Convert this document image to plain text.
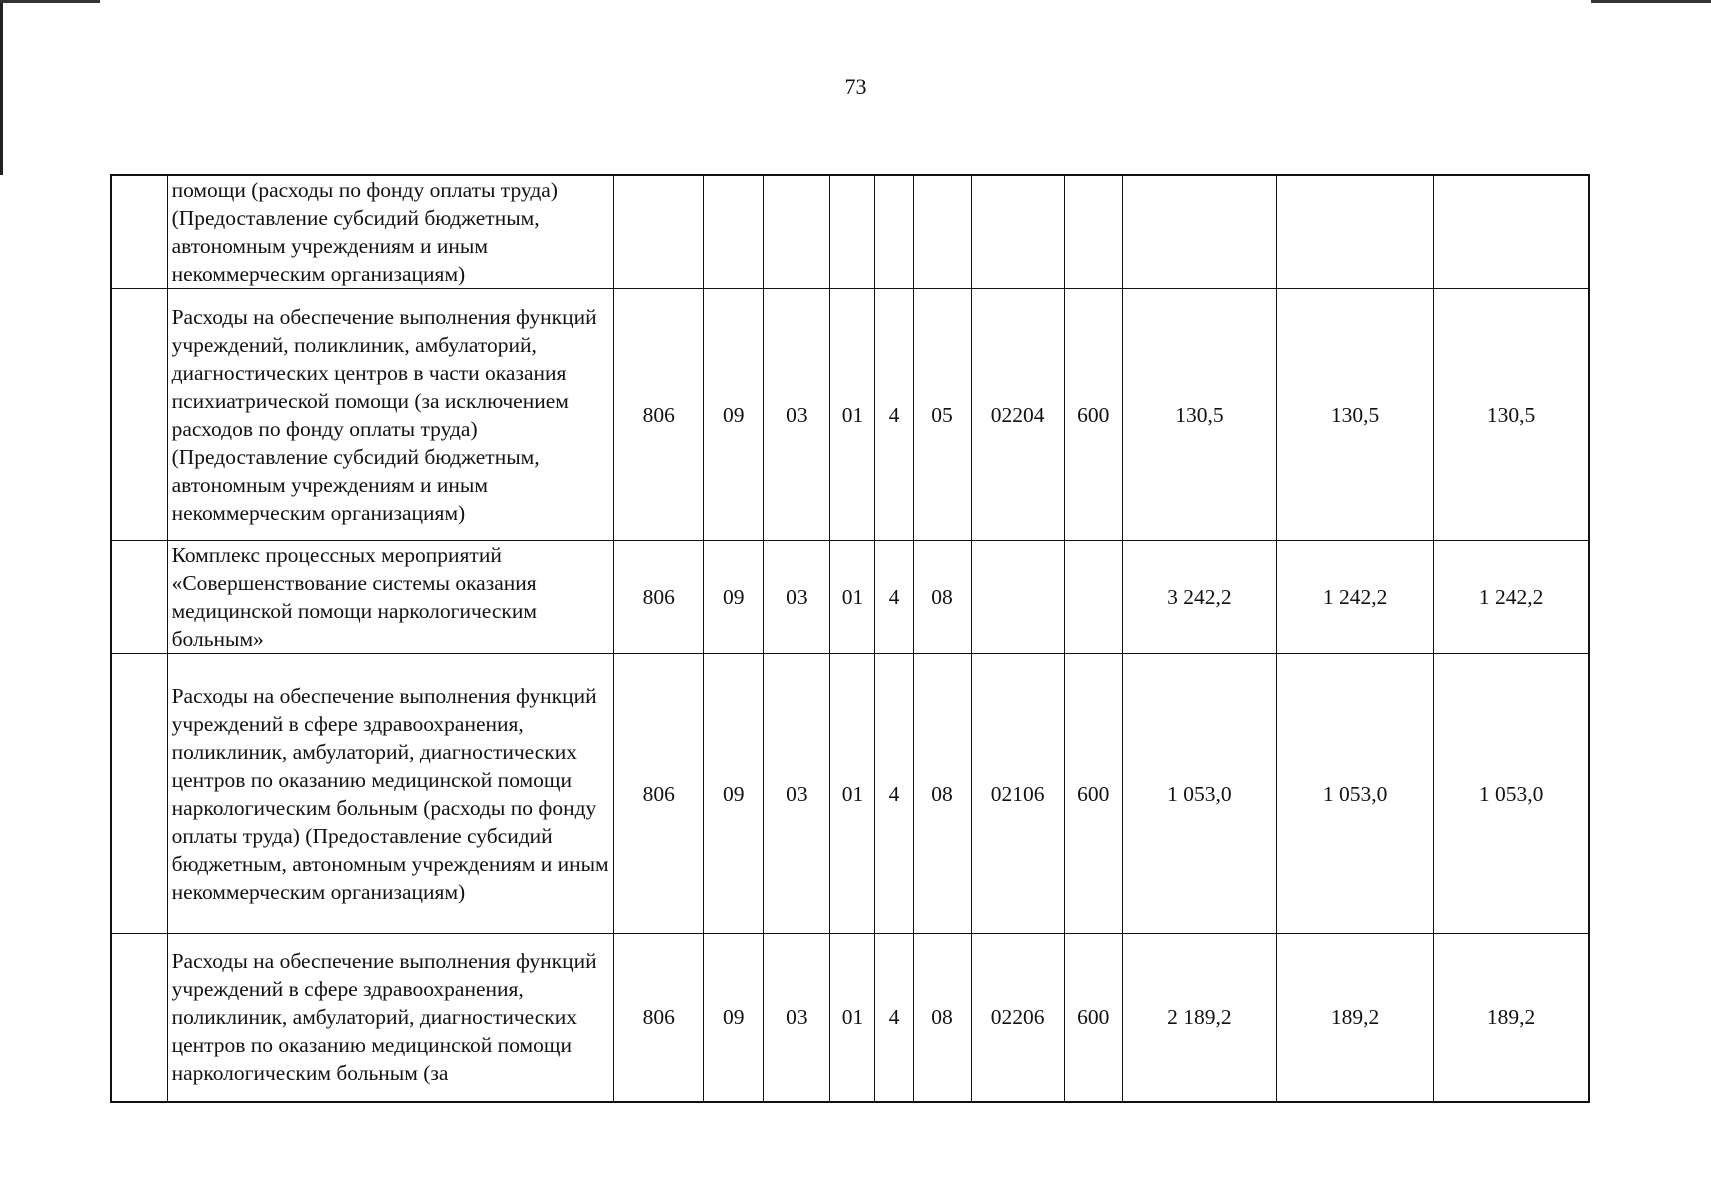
73
	помощи (расходы по фонду оплаты труда) (Предоставление субсидий бюджетным, автономным учреждениям и иным некоммерческим организациям)											
	Расходы на обеспечение выполнения функций учреждений, поликлиник, амбулаторий, диагностических центров в части оказания психиатрической помощи (за исключением расходов по фонду оплаты труда) (Предоставление субсидий бюджетным, автономным учреждениям и иным некоммерческим организациям)	806	09	03	01	4	05	02204	600	130,5	130,5	130,5
	Комплекс процессных мероприятий «Совершенствование системы оказания медицинской помощи наркологическим больным»	806	09	03	01	4	08			3 242,2	1 242,2	1 242,2
	Расходы на обеспечение выполнения функций учреждений в сфере здравоохранения, поликлиник, амбулаторий, диагностических центров по оказанию медицинской помощи наркологическим больным (расходы по фонду оплаты труда) (Предоставление субсидий бюджетным, автономным учреждениям и иным некоммерческим организациям)	806	09	03	01	4	08	02106	600	1 053,0	1 053,0	1 053,0
	Расходы на обеспечение выполнения функций учреждений в сфере здравоохранения, поликлиник, амбулаторий, диагностических центров по оказанию медицинской помощи наркологическим больным (за	806	09	03	01	4	08	02206	600	2 189,2	189,2	189,2
